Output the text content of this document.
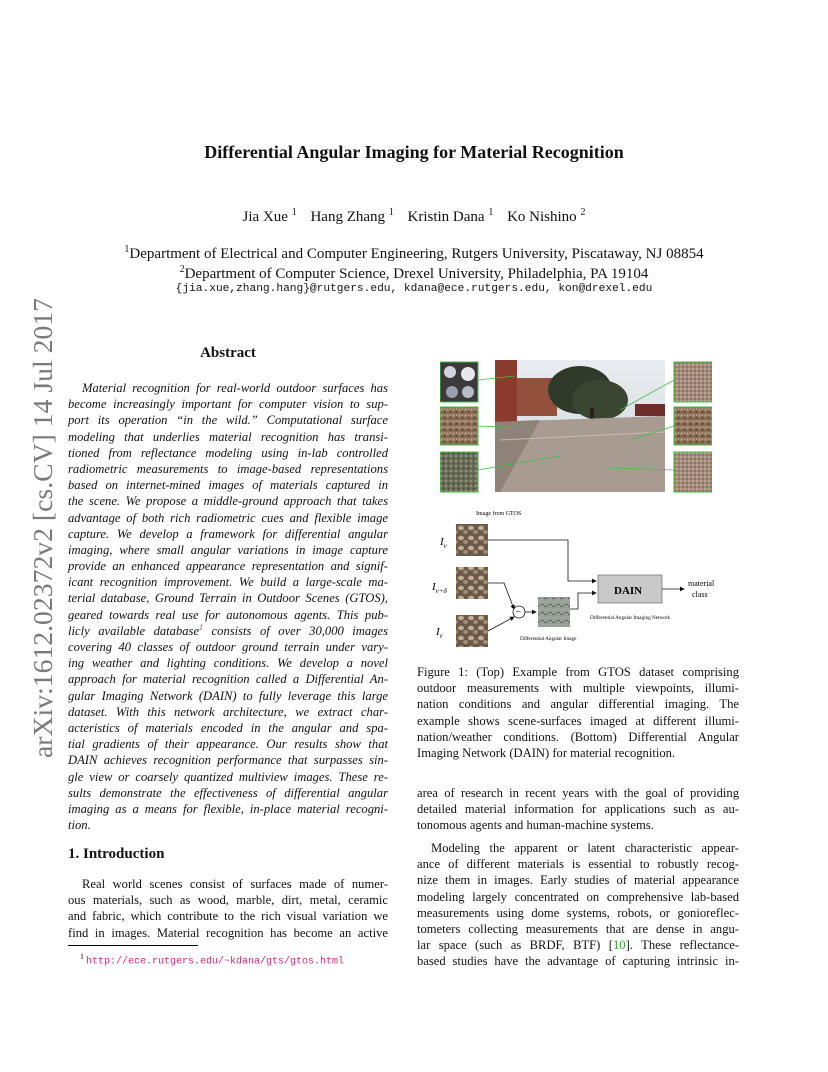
arXiv:1612.02372v2 [cs.CV] 14 Jul 2017
Differential Angular Imaging for Material Recognition
Jia Xue $^1$ Hang Zhang $^1$ Kristin Dana $^1$ Ko Nishino $^2$
$^1$Department of Electrical and Computer Engineering, Rutgers University, Piscataway, NJ 08854
$^2$Department of Computer Science, Drexel University, Philadelphia, PA 19104
{jia.xue,zhang.hang}@rutgers.edu, kdana@ece.rutgers.edu, kon@drexel.edu
Abstract
Material recognition for real-world outdoor surfaces has
become increasingly important for computer vision to sup-
port its operation “in the wild.” Computational surface
modeling that underlies material recognition has transi-
tioned from reflectance modeling using in-lab controlled
radiometric measurements to image-based representations
based on internet-mined images of materials captured in
the scene. We propose a middle-ground approach that takes
advantage of both rich radiometric cues and flexible image
capture. We develop a framework for differential angular
imaging, where small angular variations in image capture
provide an enhanced appearance representation and signif-
icant recognition improvement. We build a large-scale ma-
terial database, Ground Terrain in Outdoor Scenes (GTOS),
geared towards real use for autonomous agents. This pub-
licly available database$^1$ consists of over 30,000 images
covering 40 classes of outdoor ground terrain under vary-
ing weather and lighting conditions. We develop a novel
approach for material recognition called a Differential An-
gular Imaging Network (DAIN) to fully leverage this large
dataset. With this network architecture, we extract char-
acteristics of materials encoded in the angular and spa-
tial gradients of their appearance. Our results show that
DAIN achieves recognition performance that surpasses sin-
gle view or coarsely quantized multiview images. These re-
sults demonstrate the effectiveness of differential angular
imaging as a means for flexible, in-place material recogni-
tion.
1. Introduction
Real world scenes consist of surfaces made of numer-
ous materials, such as wood, marble, dirt, metal, ceramic
and fabric, which contribute to the rich visual variation we
find in images. Material recognition has become an active
$^1$ http://ece.rutgers.edu/~kdana/gts/gtos.html
Image from GTOS
$I_v$
$I_{v+\delta}$
$I_v$
−
Differential Angular Image
DAIN
Differential Angular Imaging Network
material
class
Figure 1: (Top) Example from GTOS dataset comprising
outdoor measurements with multiple viewpoints, illumi-
nation conditions and angular differential imaging. The
example shows scene-surfaces imaged at different illumi-
nation/weather conditions. (Bottom) Differential Angular
Imaging Network (DAIN) for material recognition.
area of research in recent years with the goal of providing
detailed material information for applications such as au-
tonomous agents and human-machine systems.
Modeling the apparent or latent characteristic appear-
ance of different materials is essential to robustly recog-
nize them in images. Early studies of material appearance
modeling largely concentrated on comprehensive lab-based
measurements using dome systems, robots, or gonioreflec-
tometers collecting measurements that are dense in angu-
lar space (such as BRDF, BTF) [10]. These reflectance-
based studies have the advantage of capturing intrinsic in-
